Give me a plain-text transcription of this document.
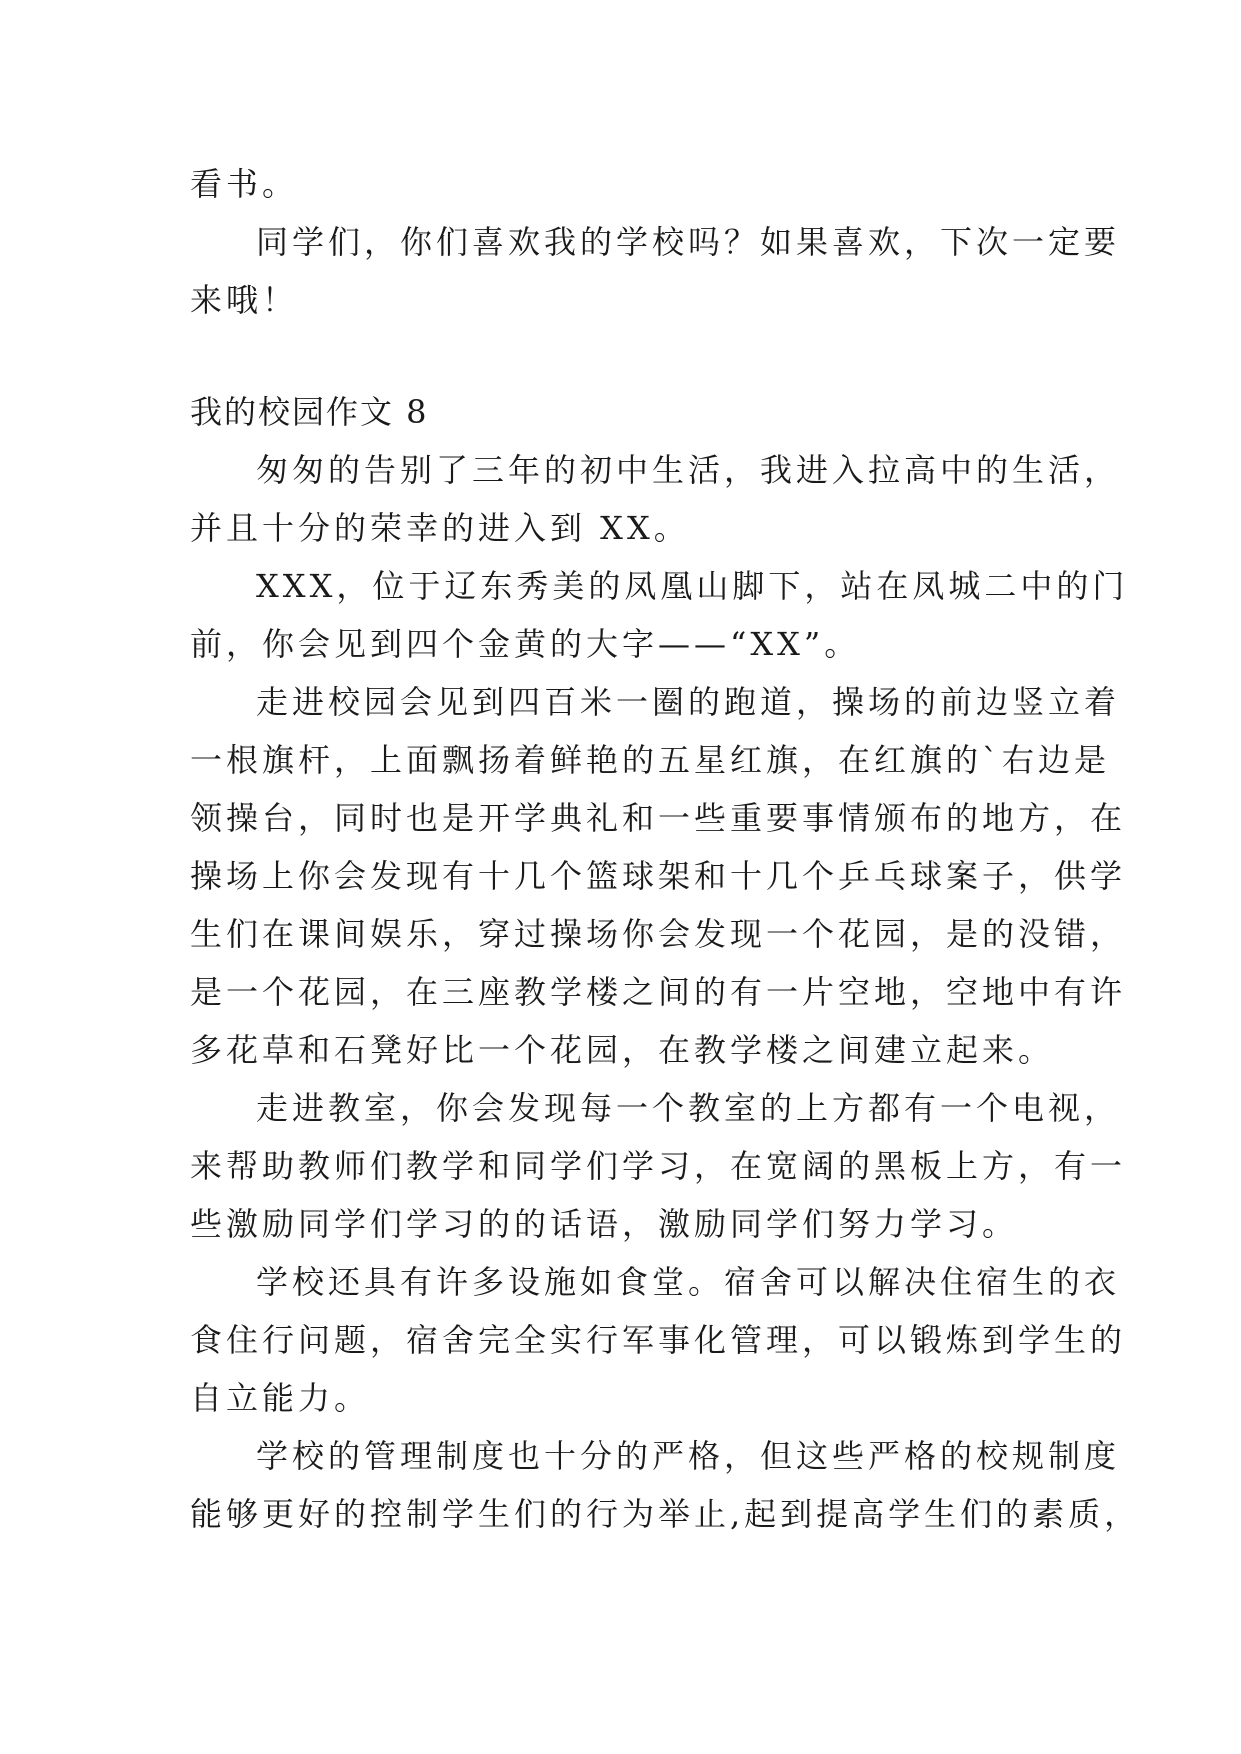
看书。
同学们，你们喜欢我的学校吗？如果喜欢，下次一定要
来哦！
我的校园作文 8
匆匆的告别了三年的初中生活，我进入拉高中的生活，
并且十分的荣幸的进入到 XX。
XXX，位于辽东秀美的凤凰山脚下，站在凤城二中的门
前，你会见到四个金黄的大字——“XX”。
走进校园会见到四百米一圈的跑道，操场的前边竖立着
一根旗杆，上面飘扬着鲜艳的五星红旗，在红旗的`右边是
领操台，同时也是开学典礼和一些重要事情颁布的地方，在
操场上你会发现有十几个篮球架和十几个乒乓球案子，供学
生们在课间娱乐，穿过操场你会发现一个花园，是的没错，
是一个花园，在三座教学楼之间的有一片空地，空地中有许
多花草和石凳好比一个花园，在教学楼之间建立起来。
走进教室，你会发现每一个教室的上方都有一个电视，
来帮助教师们教学和同学们学习，在宽阔的黑板上方，有一
些激励同学们学习的的话语，激励同学们努力学习。
学校还具有许多设施如食堂。宿舍可以解决住宿生的衣
食住行问题，宿舍完全实行军事化管理，可以锻炼到学生的
自立能力。
学校的管理制度也十分的严格，但这些严格的校规制度
能够更好的控制学生们的行为举止,起到提高学生们的素质，
